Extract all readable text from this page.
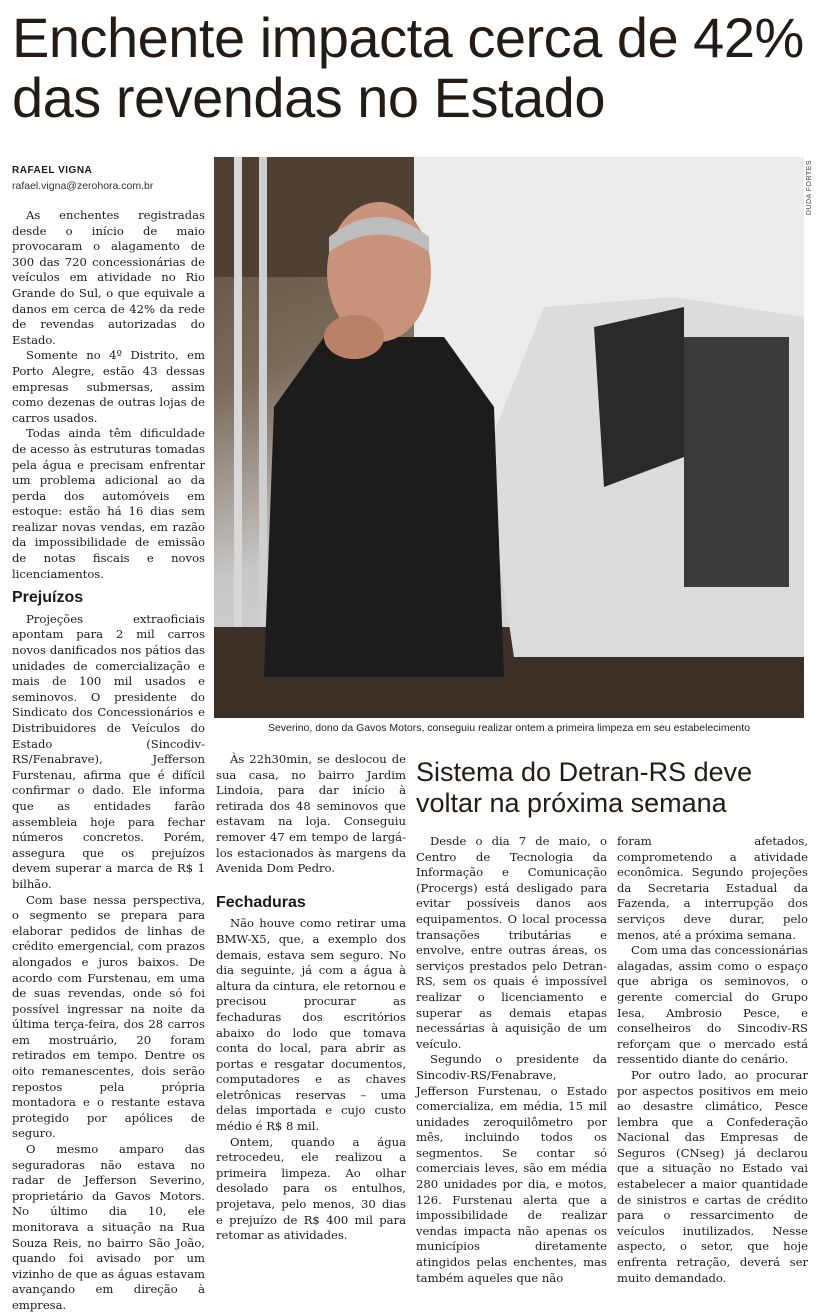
Enchente impacta cerca de 42% das revendas no Estado
RAFAEL VIGNA
rafael.vigna@zerohora.com.br

As enchentes registradas desde o início de maio provocaram o alagamento de 300 das 720 concessionárias de veículos em atividade no Rio Grande do Sul, o que equivale a danos em cerca de 42% da rede de revendas autorizadas do Estado.

Somente no 4º Distrito, em Porto Alegre, estão 43 dessas empresas submersas, assim como dezenas de outras lojas de carros usados.

Todas ainda têm dificuldade de acesso às estruturas tomadas pela água e precisam enfrentar um problema adicional ao da perda dos automóveis em estoque: estão há 16 dias sem realizar novas vendas, em razão da impossibilidade de emissão de notas fiscais e novos licenciamentos.

Prejuízos

Projeções extraoficiais apontam para 2 mil carros novos danificados nos pátios das unidades de comercialização e mais de 100 mil usados e seminovos. O presidente do Sindicato dos Concessionários e Distribuidores de Veículos do Estado (Sincodiv-RS/Fenabrave), Jefferson Furstenau, afirma que é difícil confirmar o dado. Ele informa que as entidades farão assembleia hoje para fechar números concretos. Porém, assegura que os prejuízos devem superar a marca de R$ 1 bilhão.

Com base nessa perspectiva, o segmento se prepara para elaborar pedidos de linhas de crédito emergencial, com prazos alongados e juros baixos. De acordo com Furstenau, em uma de suas revendas, onde só foi possível ingressar na noite da última terça-feira, dos 28 carros em mostruário, 20 foram retirados em tempo. Dentre os oito remanescentes, dois serão repostos pela própria montadora e o restante estava protegido por apólices de seguro.

O mesmo amparo das seguradoras não estava no radar de Jefferson Severino, proprietário da Gavos Motors. No último dia 10, ele monitorava a situação na Rua Souza Reis, no bairro São João, quando foi avisado por um vizinho de que as águas estavam avançando em direção à empresa.

DUDA FORTES
Severino, dono da Gavos Motors, conseguiu realizar ontem a primeira limpeza em seu estabelecimento

Às 22h30min, se deslocou de sua casa, no bairro Jardim Lindoia, para dar início à retirada dos 48 seminovos que estavam na loja. Conseguiu remover 47 em tempo de largá-los estacionados às margens da Avenida Dom Pedro.

Fechaduras

Não houve como retirar uma BMW-X5, que, a exemplo dos demais, estava sem seguro. No dia seguinte, já com a água à altura da cintura, ele retornou e precisou procurar as fechaduras dos escritórios abaixo do lodo que tomava conta do local, para abrir as portas e resgatar documentos, computadores e as chaves eletrônicas reservas – uma delas importada e cujo custo médio é R$ 8 mil.

Ontem, quando a água retrocedeu, ele realizou a primeira limpeza. Ao olhar desolado para os entulhos, projetava, pelo menos, 30 dias e prejuízo de R$ 400 mil para retomar as atividades.

Sistema do Detran-RS deve voltar na próxima semana

Desde o dia 7 de maio, o Centro de Tecnologia da Informação e Comunicação (Procergs) está desligado para evitar possíveis danos aos equipamentos. O local processa transações tributárias e envolve, entre outras áreas, os serviços prestados pelo Detran-RS, sem os quais é impossível realizar o licenciamento e superar as demais etapas necessárias à aquisição de um veículo.

Segundo o presidente da Sincodiv-RS/Fenabrave, Jefferson Furstenau, o Estado comercializa, em média, 15 mil unidades zeroquilômetro por mês, incluindo todos os segmentos. Se contar só comerciais leves, são em média 280 unidades por dia, e motos, 126. Furstenau alerta que a impossibilidade de realizar vendas impacta não apenas os municípios diretamente atingidos pelas enchentes, mas também aqueles que não

foram afetados, comprometendo a atividade econômica. Segundo projeções da Secretaria Estadual da Fazenda, a interrupção dos serviços deve durar, pelo menos, até a próxima semana.

Com uma das concessionárias alagadas, assim como o espaço que abriga os seminovos, o gerente comercial do Grupo Iesa, Ambrosio Pesce, e conselheiros do Sincodiv-RS reforçam que o mercado está ressentido diante do cenário.

Por outro lado, ao procurar por aspectos positivos em meio ao desastre climático, Pesce lembra que a Confederação Nacional das Empresas de Seguros (CNseg) já declarou que a situação no Estado vai estabelecer a maior quantidade de sinistros e cartas de crédito para o ressarcimento de veículos inutilizados. Nesse aspecto, o setor, que hoje enfrenta retração, deverá ser muito demandado.
